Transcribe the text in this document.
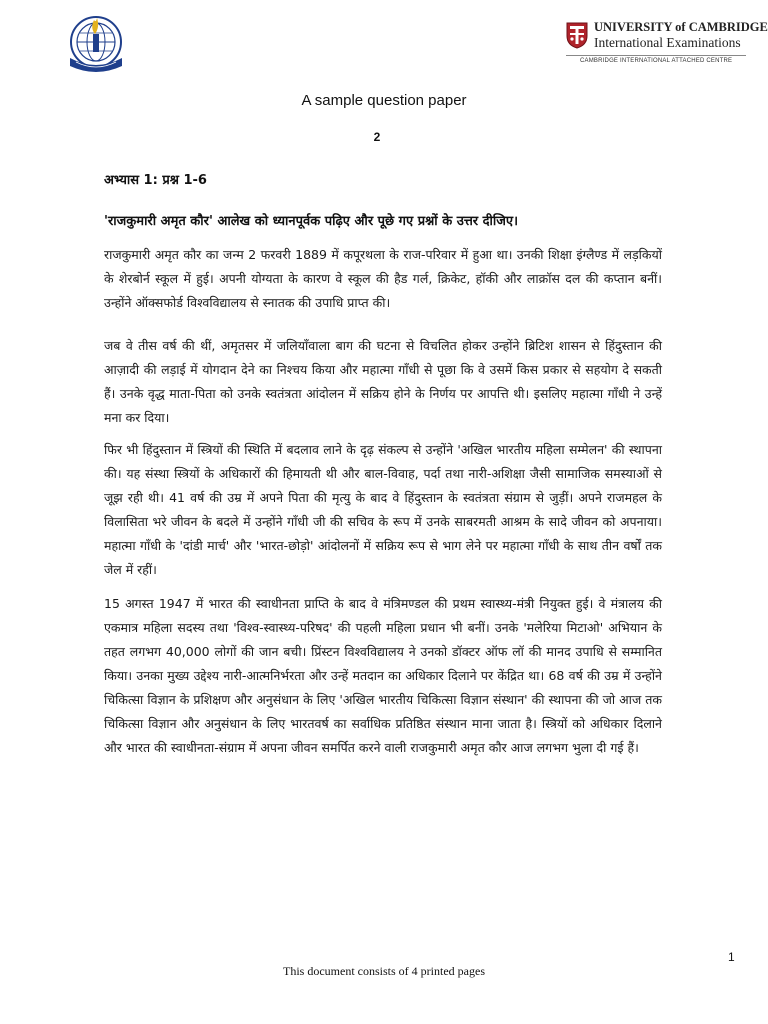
UNIVERSITY of CAMBRIDGE
International Examinations
CAMBRIDGE INTERNATIONAL ATTACHED CENTRE
A sample question paper
2
अभ्यास 1: प्रश्न 1-6
'राजकुमारी अमृत कौर' आलेख को ध्यानपूर्वक पढ़िए और पूछे गए प्रश्नों के उत्तर दीजिए।

राजकुमारी अमृत कौर का जन्म 2 फरवरी 1889 में कपूरथला के राज-परिवार में हुआ था। उनकी शिक्षा इंग्लैण्ड में लड़कियों के शेरबोर्न स्कूल में हुई। अपनी योग्यता के कारण वे स्कूल की हैड गर्ल, क्रिकेट, हॉकी और लाक्रॉस दल की कप्तान बनीं। उन्होंने ऑक्सफोर्ड विश्वविद्यालय से स्नातक की उपाधि प्राप्त की।

जब वे तीस वर्ष की थीं, अमृतसर में जलियाँवाला बाग की घटना से विचलित होकर उन्होंने ब्रिटिश शासन से हिंदुस्तान की आज़ादी की लड़ाई में योगदान देने का निश्चय किया और महात्मा गाँधी से पूछा कि वे उसमें किस प्रकार से सहयोग दे सकती हैं। उनके वृद्ध माता-पिता को उनके स्वतंत्रता आंदोलन में सक्रिय होने के निर्णय पर आपत्ति थी। इसलिए महात्मा गाँधी ने उन्हें मना कर दिया।

फिर भी हिंदुस्तान में स्त्रियों की स्थिति में बदलाव लाने के दृढ़ संकल्प से उन्होंने 'अखिल भारतीय महिला सम्मेलन' की स्थापना की। यह संस्था स्त्रियों के अधिकारों की हिमायती थी और बाल-विवाह, पर्दा तथा नारी-अशिक्षा जैसी सामाजिक समस्याओं से जूझ रही थी। 41 वर्ष की उम्र में अपने पिता की मृत्यु के बाद वे हिंदुस्तान के स्वतंत्रता संग्राम से जुड़ीं। अपने राजमहल के विलासिता भरे जीवन के बदले में उन्होंने गाँधी जी की सचिव के रूप में उनके साबरमती आश्रम के सादे जीवन को अपनाया। महात्मा गाँधी के 'दांडी मार्च' और 'भारत-छोड़ो' आंदोलनों में सक्रिय रूप से भाग लेने पर महात्मा गाँधी के साथ तीन वर्षों तक जेल में रहीं।

15 अगस्त 1947 में भारत की स्वाधीनता प्राप्ति के बाद वे मंत्रिमण्डल की प्रथम स्वास्थ्य-मंत्री नियुक्त हुई। वे मंत्रालय की एकमात्र महिला सदस्य तथा 'विश्व-स्वास्थ्य-परिषद' की पहली महिला प्रधान भी बनीं। उनके 'मलेरिया मिटाओ' अभियान के तहत लगभग 40,000 लोगों की जान बची। प्रिंस्टन विश्वविद्यालय ने उनको डॉक्टर ऑफ लॉ की मानद उपाधि से सम्मानित किया। उनका मुख्य उद्देश्य नारी-आत्मनिर्भरता और उन्हें मतदान का अधिकार दिलाने पर केंद्रित था। 68 वर्ष की उम्र में उन्होंने चिकित्सा विज्ञान के प्रशिक्षण और अनुसंधान के लिए 'अखिल भारतीय चिकित्सा विज्ञान संस्थान' की स्थापना की जो आज तक चिकित्सा विज्ञान और अनुसंधान के लिए भारतवर्ष का सर्वाधिक प्रतिष्ठित संस्थान माना जाता है। स्त्रियों को अधिकार दिलाने और भारत की स्वाधीनता-संग्राम में अपना जीवन समर्पित करने वाली राजकुमारी अमृत कौर आज लगभग भुला दी गई हैं।

1
This document consists of 4 printed pages
